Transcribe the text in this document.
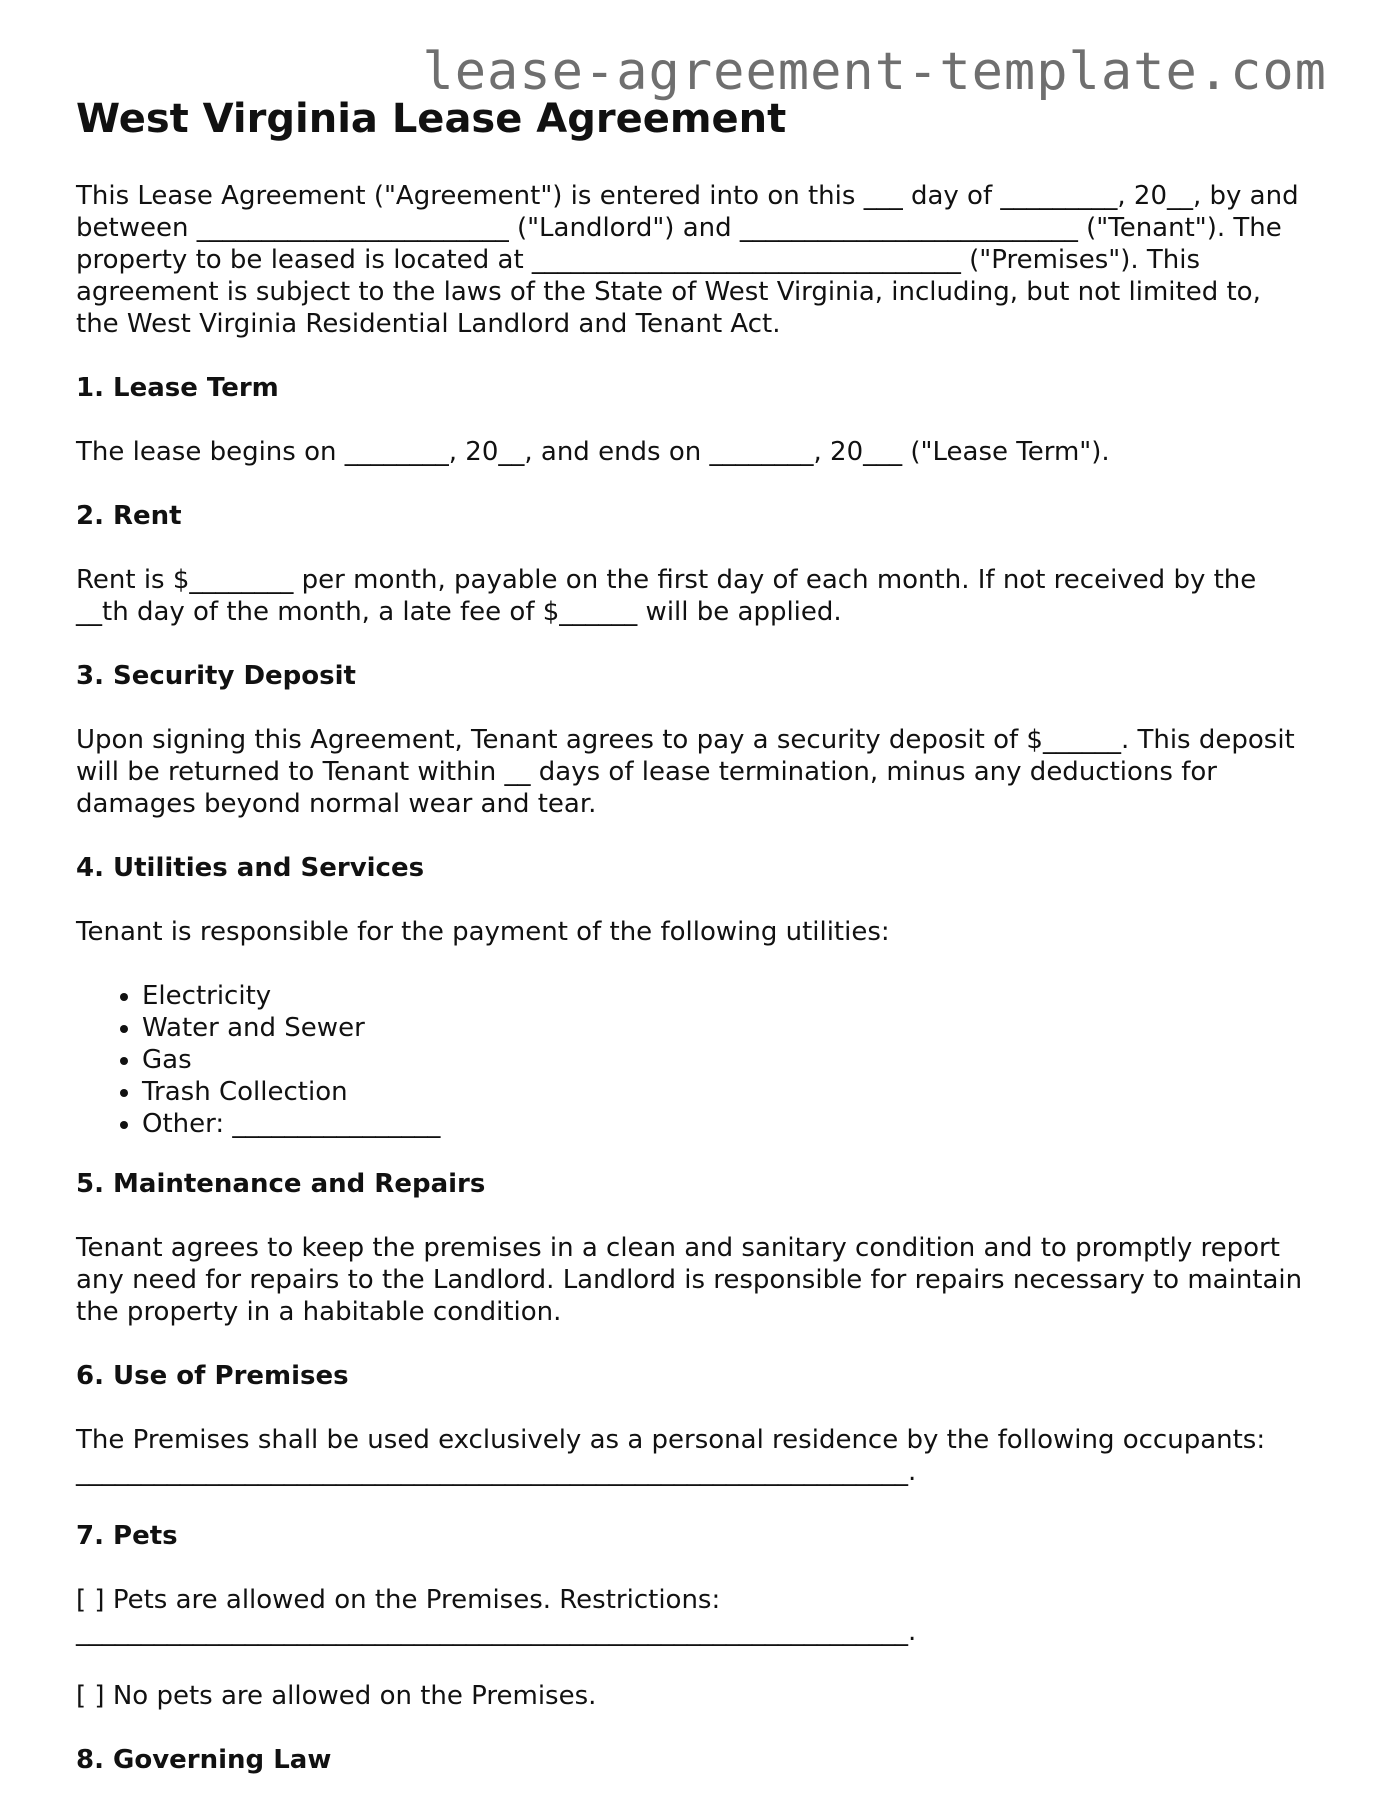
lease-agreement-template.com
West Virginia Lease Agreement

This Lease Agreement ("Agreement") is entered into on this ___ day of _________, 20__, by and between ________________________ ("Landlord") and __________________________ ("Tenant"). The property to be leased is located at _________________________________ ("Premises"). This agreement is subject to the laws of the State of West Virginia, including, but not limited to, the West Virginia Residential Landlord and Tenant Act.

1. Lease Term

The lease begins on ________, 20__, and ends on ________, 20___ ("Lease Term").

2. Rent

Rent is $________ per month, payable on the first day of each month. If not received by the __th day of the month, a late fee of $______ will be applied.

3. Security Deposit

Upon signing this Agreement, Tenant agrees to pay a security deposit of $______. This deposit will be returned to Tenant within __ days of lease termination, minus any deductions for damages beyond normal wear and tear.

4. Utilities and Services

Tenant is responsible for the payment of the following utilities:

• Electricity
• Water and Sewer
• Gas
• Trash Collection
• Other: ________________
5. Maintenance and Repairs

Tenant agrees to keep the premises in a clean and sanitary condition and to promptly report any need for repairs to the Landlord. Landlord is responsible for repairs necessary to maintain the property in a habitable condition.

6. Use of Premises

The Premises shall be used exclusively as a personal residence by the following occupants:
________________________________________________________________.

7. Pets

[ ] Pets are allowed on the Premises. Restrictions:
________________________________________________________________.

[ ] No pets are allowed on the Premises.

8. Governing Law
